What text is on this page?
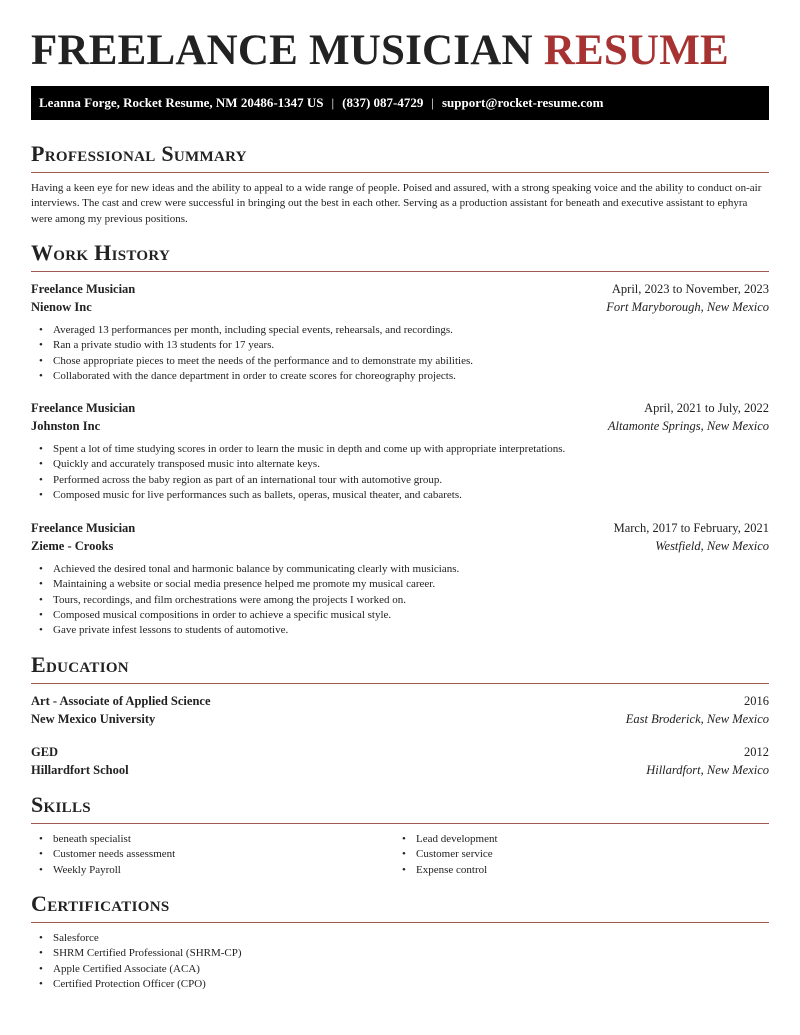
FREELANCE MUSICIAN RESUME
Leanna Forge, Rocket Resume, NM 20486-1347 US | (837) 087-4729 | support@rocket-resume.com
Professional Summary

Having a keen eye for new ideas and the ability to appeal to a wide range of people. Poised and assured, with a strong speaking voice and the ability to conduct on-air interviews. The cast and crew were successful in bringing out the best in each other. Serving as a production assistant for beneath and executive assistant to ephyra were among my previous positions.

Work History
Freelance Musician	April, 2023 to November, 2023
Nienow Inc	Fort Maryborough, New Mexico
• Averaged 13 performances per month, including special events, rehearsals, and recordings.
• Ran a private studio with 13 students for 17 years.
• Chose appropriate pieces to meet the needs of the performance and to demonstrate my abilities.
• Collaborated with the dance department in order to create scores for choreography projects.
Freelance Musician	April, 2021 to July, 2022
Johnston Inc	Altamonte Springs, New Mexico
• Spent a lot of time studying scores in order to learn the music in depth and come up with appropriate interpretations.
• Quickly and accurately transposed music into alternate keys.
• Performed across the baby region as part of an international tour with automotive group.
• Composed music for live performances such as ballets, operas, musical theater, and cabarets.
Freelance Musician	March, 2017 to February, 2021
Zieme - Crooks	Westfield, New Mexico
• Achieved the desired tonal and harmonic balance by communicating clearly with musicians.
• Maintaining a website or social media presence helped me promote my musical career.
• Tours, recordings, and film orchestrations were among the projects I worked on.
• Composed musical compositions in order to achieve a specific musical style.
• Gave private infest lessons to students of automotive.
Education
Art - Associate of Applied Science	2016
New Mexico University	East Broderick, New Mexico
GED	2012
Hillardfort School	Hillardfort, New Mexico
Skills
• beneath specialist
• Customer needs assessment
• Weekly Payroll
• Lead development
• Customer service
• Expense control
Certifications
• Salesforce
• SHRM Certified Professional (SHRM-CP)
• Apple Certified Associate (ACA)
• Certified Protection Officer (CPO)
